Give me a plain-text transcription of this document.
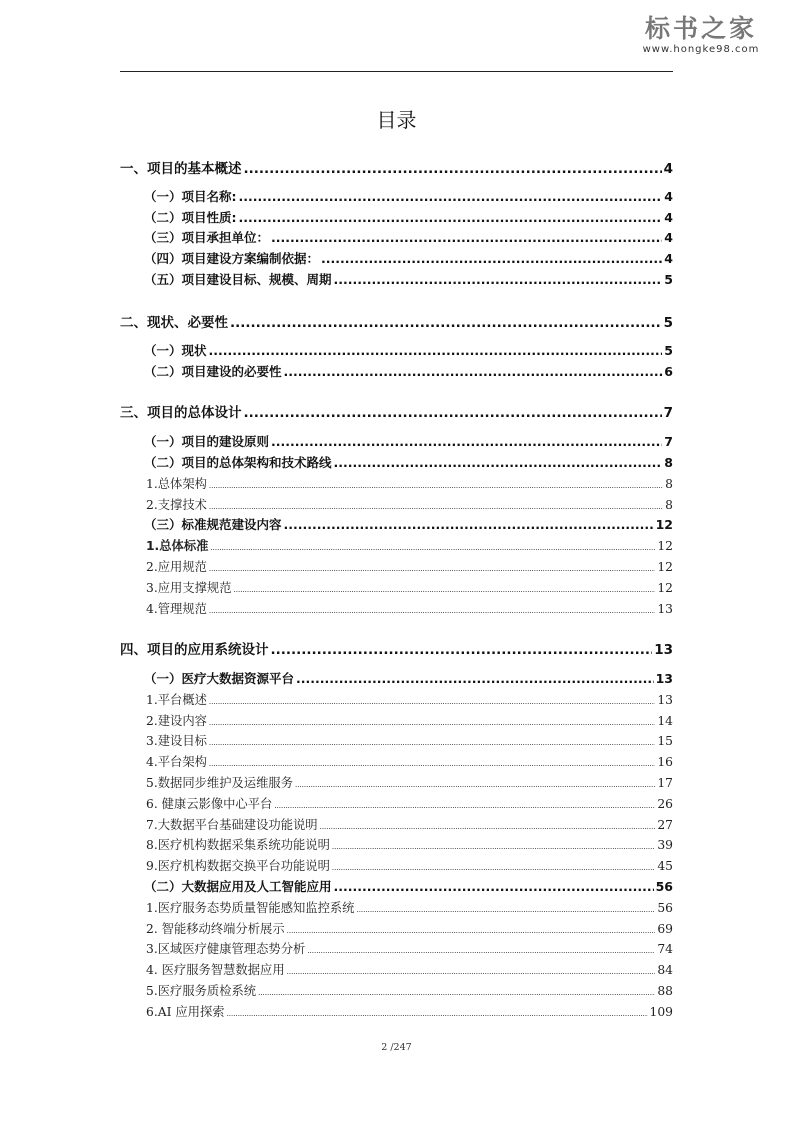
标书之家
www.hongke98.com
目录
一、项目的基本概述 .....	4
（一）项目名称: .....	4
（二）项目性质: .....	4
（三）项目承担单位： .....	4
（四）项目建设方案编制依据： .....	4
（五）项目建设目标、规模、周期 .....	5
二、现状、必要性 .....	5
（一）现状 .....	5
（二）项目建设的必要性 .....	6
三、项目的总体设计 .....	7
（一）项目的建设原则 .....	7
（二）项目的总体架构和技术路线 .....	8
1.总体架构 .....	8
2.支撑技术 .....	8
（三）标准规范建设内容 .....	12
1.总体标准 .....	12
2.应用规范 .....	12
3.应用支撑规范 .....	12
4.管理规范 .....	13
四、项目的应用系统设计 .....	13
（一）医疗大数据资源平台 .....	13
1.平台概述 .....	13
2.建设内容 .....	14
3.建设目标 .....	15
4.平台架构 .....	16
5.数据同步维护及运维服务 .....	17
6. 健康云影像中心平台 .....	26
7.大数据平台基础建设功能说明 .....	27
8.医疗机构数据采集系统功能说明 .....	39
9.医疗机构数据交换平台功能说明 .....	45
（二）大数据应用及人工智能应用 .....	56
1.医疗服务态势质量智能感知监控系统 .....	56
2. 智能移动终端分析展示 .....	69
3.区域医疗健康管理态势分析 .....	74
4. 医疗服务智慧数据应用 .....	84
5.医疗服务质检系统 .....	88
6.AI 应用探索 .....	109
2 /247
